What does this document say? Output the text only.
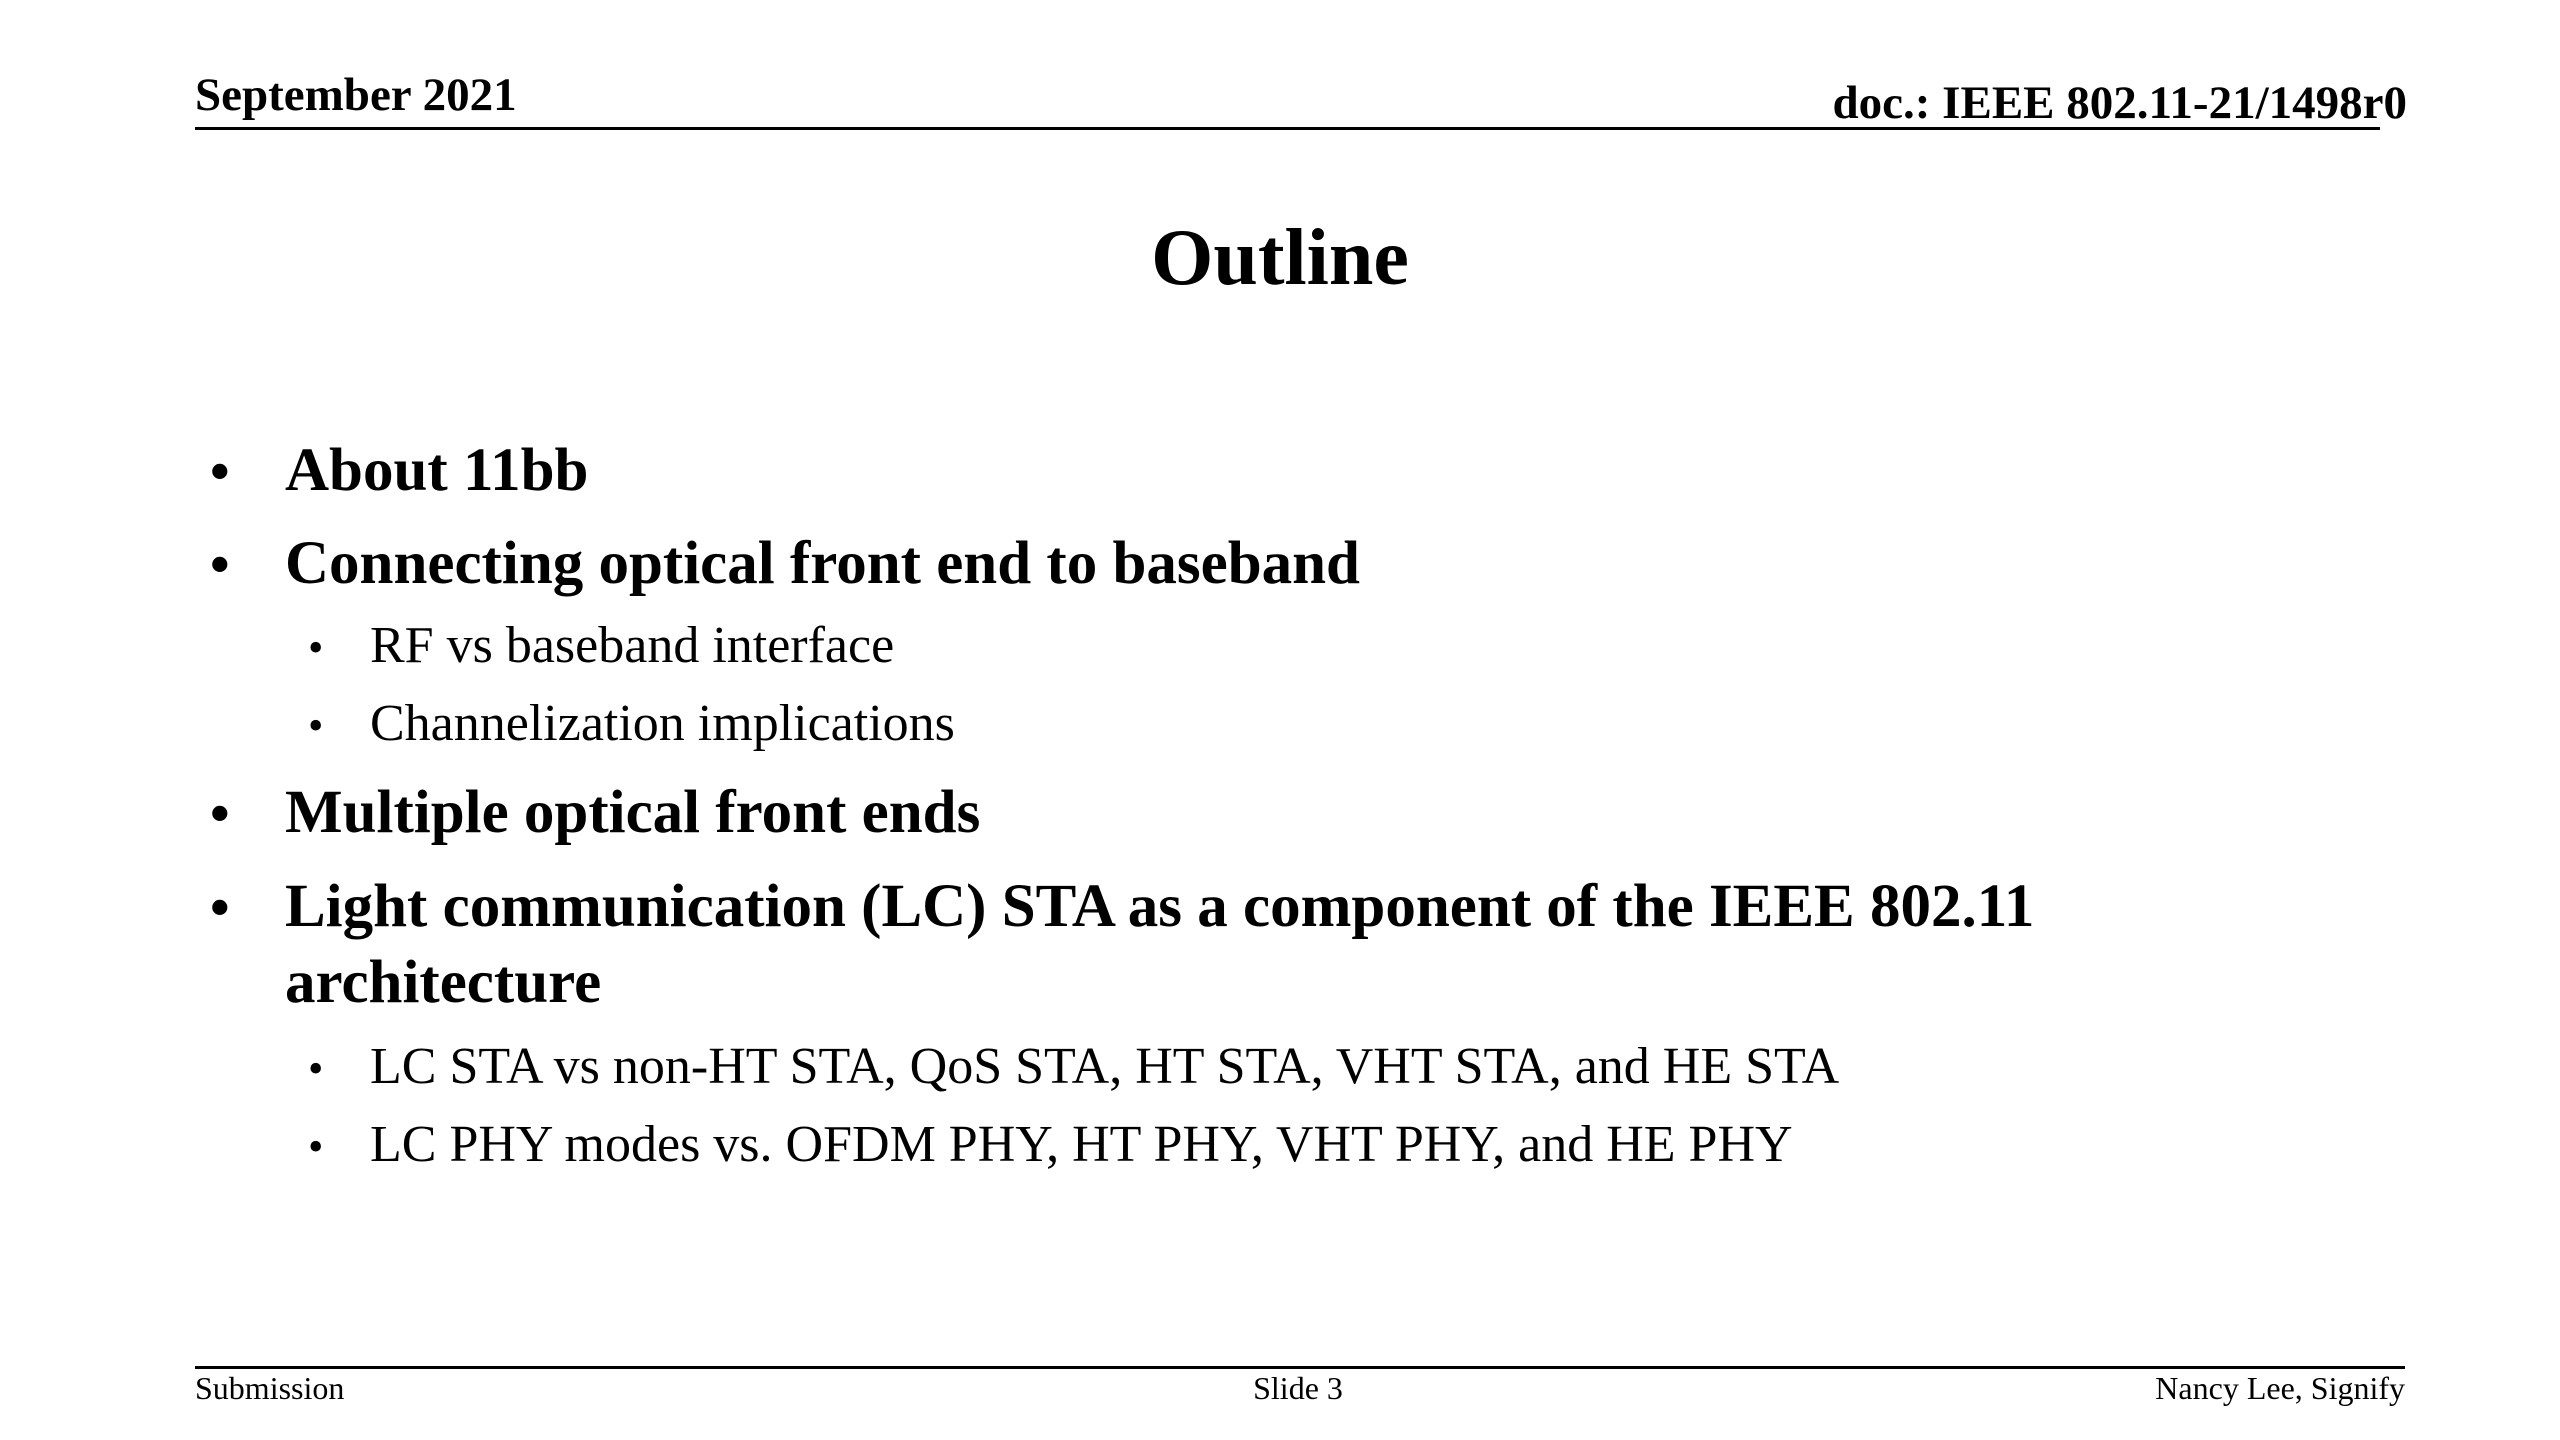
September 2021	doc.: IEEE 802.11-21/1498r0
Outline
• About 11bb
• Connecting optical front end to baseband
• RF vs baseband interface
• Channelization implications
• Multiple optical front ends
• Light communication (LC) STA as a component of the IEEE 802.11
architecture
• LC STA vs non-HT STA, QoS STA, HT STA, VHT STA, and HE STA
• LC PHY modes vs. OFDM PHY, HT PHY, VHT PHY, and HE PHY
Submission	Slide 3	Nancy Lee, Signify
